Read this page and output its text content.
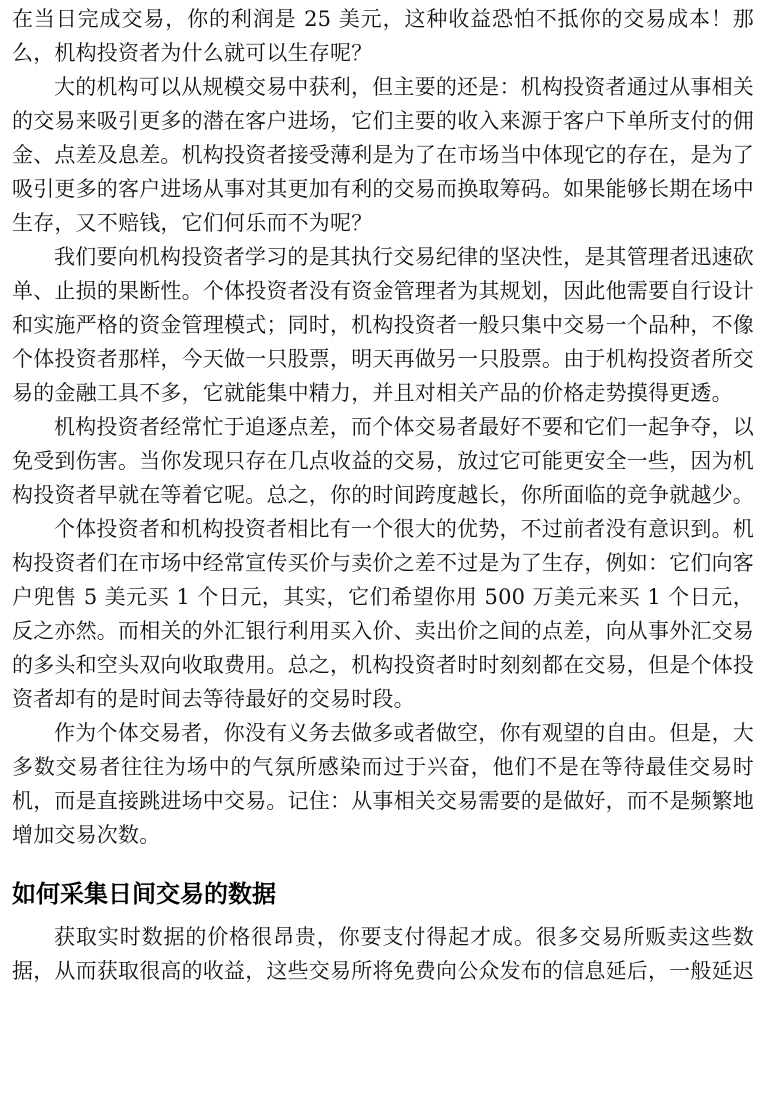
在当日完成交易，你的利润是 25 美元，这种收益恐怕不抵你的交易成本！那么，机构投资者为什么就可以生存呢？

大的机构可以从规模交易中获利，但主要的还是：机构投资者通过从事相关的交易来吸引更多的潜在客户进场，它们主要的收入来源于客户下单所支付的佣金、点差及息差。机构投资者接受薄利是为了在市场当中体现它的存在，是为了吸引更多的客户进场从事对其更加有利的交易而换取筹码。如果能够长期在场中生存，又不赔钱，它们何乐而不为呢？

我们要向机构投资者学习的是其执行交易纪律的坚决性，是其管理者迅速砍单、止损的果断性。个体投资者没有资金管理者为其规划，因此他需要自行设计和实施严格的资金管理模式；同时，机构投资者一般只集中交易一个品种，不像个体投资者那样，今天做一只股票，明天再做另一只股票。由于机构投资者所交易的金融工具不多，它就能集中精力，并且对相关产品的价格走势摸得更透。

机构投资者经常忙于追逐点差，而个体交易者最好不要和它们一起争夺，以免受到伤害。当你发现只存在几点收益的交易，放过它可能更安全一些，因为机构投资者早就在等着它呢。总之，你的时间跨度越长，你所面临的竞争就越少。

个体投资者和机构投资者相比有一个很大的优势，不过前者没有意识到。机构投资者们在市场中经常宣传买价与卖价之差不过是为了生存，例如：它们向客户兜售 5 美元买 1 个日元，其实，它们希望你用 500 万美元来买 1 个日元，反之亦然。而相关的外汇银行利用买入价、卖出价之间的点差，向从事外汇交易的多头和空头双向收取费用。总之，机构投资者时时刻刻都在交易，但是个体投资者却有的是时间去等待最好的交易时段。

作为个体交易者，你没有义务去做多或者做空，你有观望的自由。但是，大多数交易者往往为场中的气氛所感染而过于兴奋，他们不是在等待最佳交易时机，而是直接跳进场中交易。记住：从事相关交易需要的是做好，而不是频繁地增加交易次数。

如何采集日间交易的数据

获取实时数据的价格很昂贵，你要支付得起才成。很多交易所贩卖这些数据，从而获取很高的收益，这些交易所将免费向公众发布的信息延后，一般延迟
